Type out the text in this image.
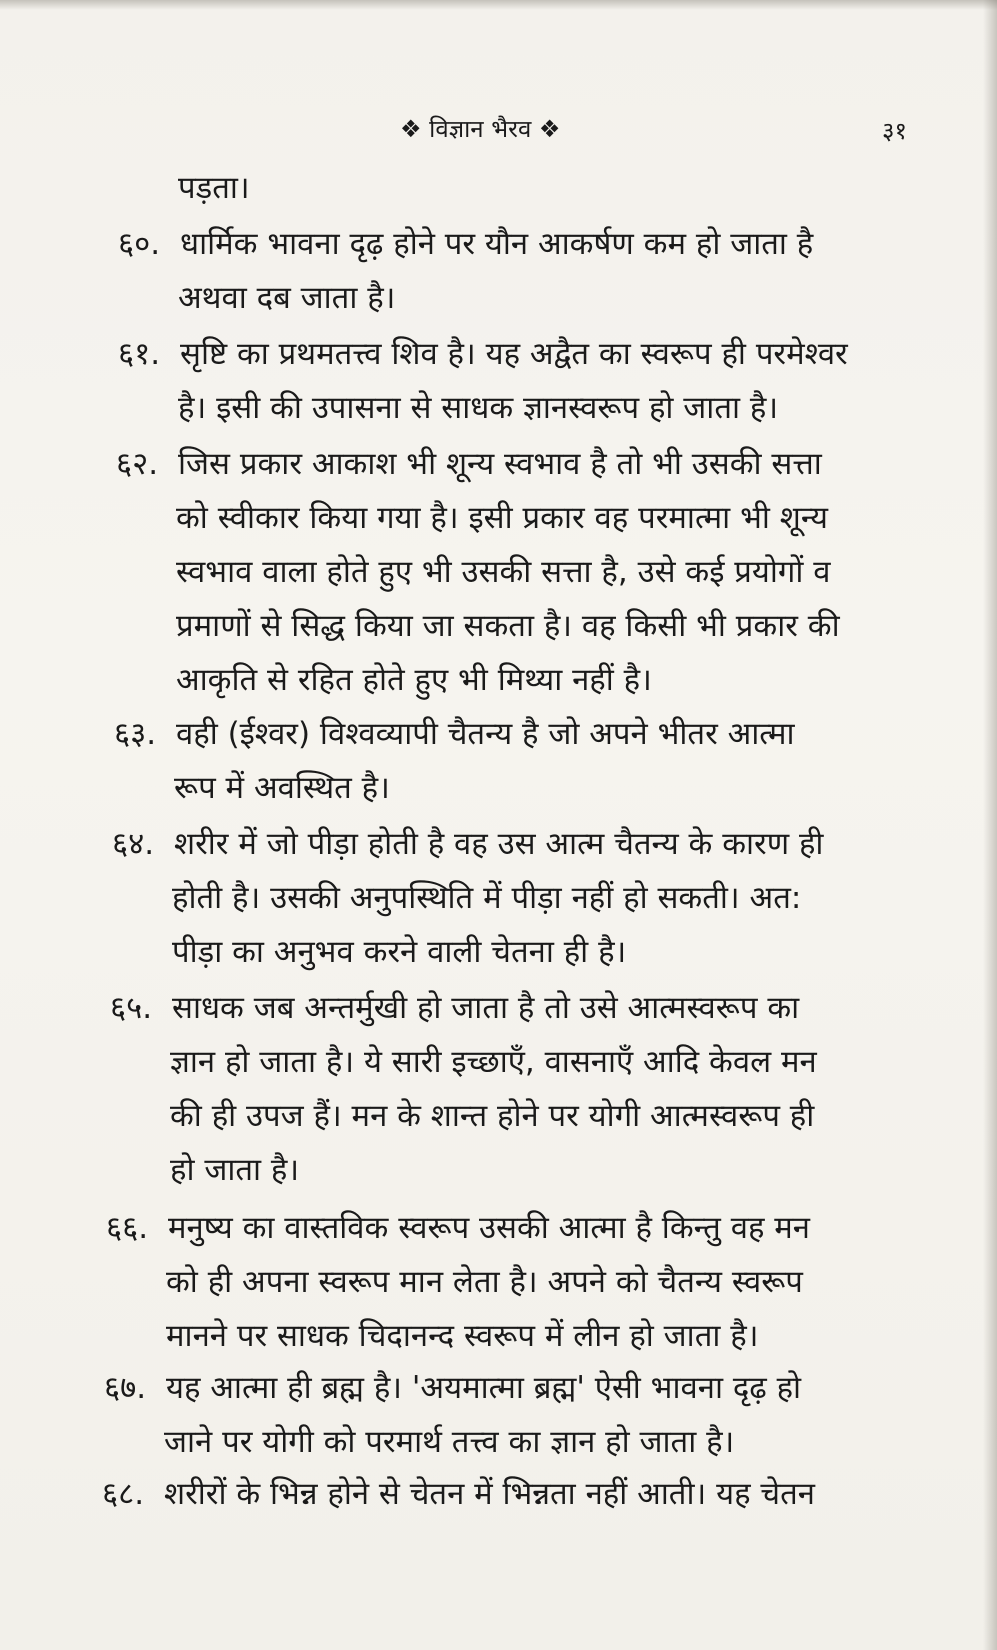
❖ विज्ञान भैरव ❖	३१
पड़ता।
६०. धार्मिक भावना दृढ़ होने पर यौन आकर्षण कम हो जाता है
अथवा दब जाता है।
६१. सृष्टि का प्रथमतत्त्व शिव है। यह अद्वैत का स्वरूप ही परमेश्वर
है। इसी की उपासना से साधक ज्ञानस्वरूप हो जाता है।
६२. जिस प्रकार आकाश भी शून्य स्वभाव है तो भी उसकी सत्ता
को स्वीकार किया गया है। इसी प्रकार वह परमात्मा भी शून्य
स्वभाव वाला होते हुए भी उसकी सत्ता है, उसे कई प्रयोगों व
प्रमाणों से सिद्ध किया जा सकता है। वह किसी भी प्रकार की
आकृति से रहित होते हुए भी मिथ्या नहीं है।
६३. वही (ईश्वर) विश्वव्यापी चैतन्य है जो अपने भीतर आत्मा
रूप में अवस्थित है।
६४. शरीर में जो पीड़ा होती है वह उस आत्म चैतन्य के कारण ही
होती है। उसकी अनुपस्थिति में पीड़ा नहीं हो सकती। अत:
पीड़ा का अनुभव करने वाली चेतना ही है।
६५. साधक जब अन्तर्मुखी हो जाता है तो उसे आत्मस्वरूप का
ज्ञान हो जाता है। ये सारी इच्छाएँ, वासनाएँ आदि केवल मन
की ही उपज हैं। मन के शान्त होने पर योगी आत्मस्वरूप ही
हो जाता है।
६६. मनुष्य का वास्तविक स्वरूप उसकी आत्मा है किन्तु वह मन
को ही अपना स्वरूप मान लेता है। अपने को चैतन्य स्वरूप
मानने पर साधक चिदानन्द स्वरूप में लीन हो जाता है।
६७. यह आत्मा ही ब्रह्म है। 'अयमात्मा ब्रह्म' ऐसी भावना दृढ़ हो
जाने पर योगी को परमार्थ तत्त्व का ज्ञान हो जाता है।
६८. शरीरों के भिन्न होने से चेतन में भिन्नता नहीं आती। यह चेतन
